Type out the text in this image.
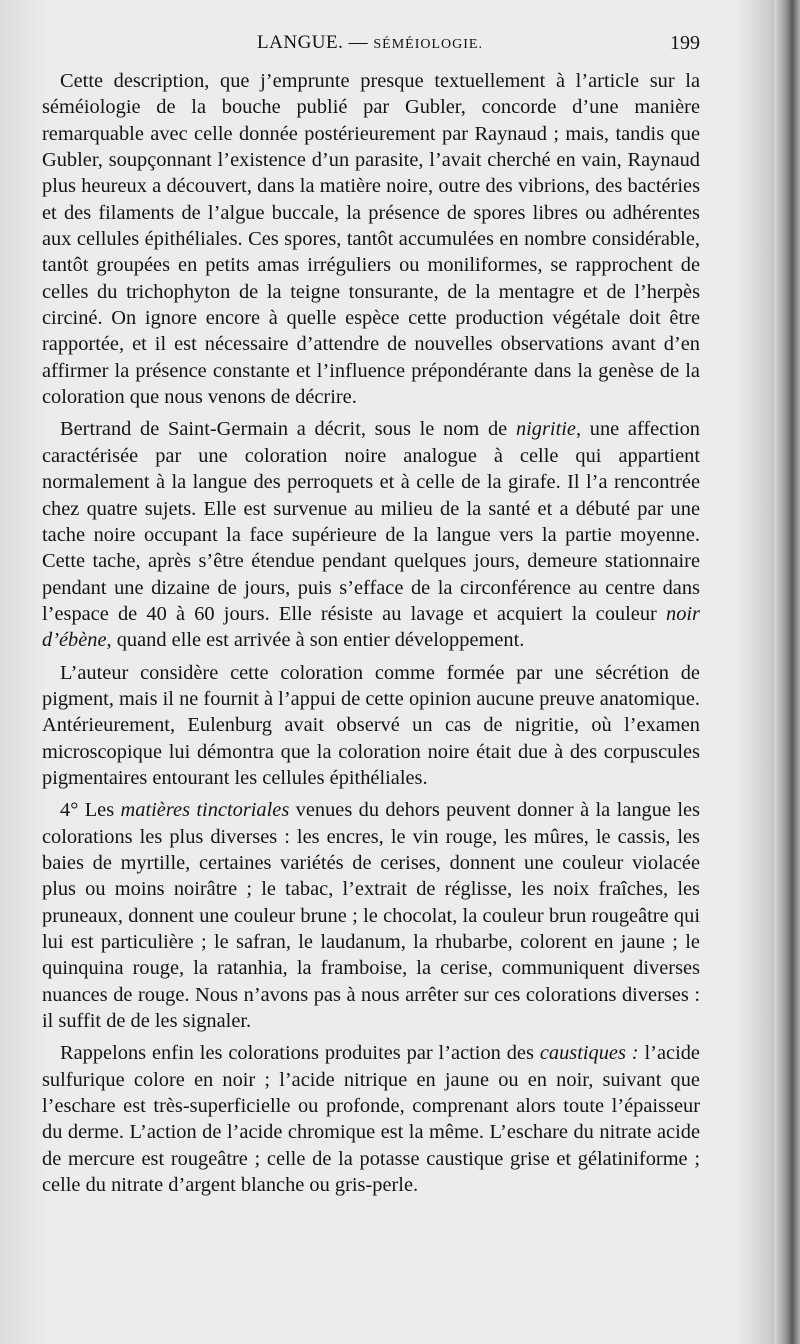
LANGUE. — SÉMÉIOLOGIE.	199

Cette description, que j’emprunte presque textuellement à l’article sur la séméiologie de la bouche publié par Gubler, concorde d’une manière remarquable avec celle donnée postérieurement par Raynaud ; mais, tandis que Gubler, soupçonnant l’existence d’un parasite, l’avait cherché en vain, Raynaud plus heureux a découvert, dans la matière noire, outre des vibrions, des bactéries et des filaments de l’algue buccale, la présence de spores libres ou adhérentes aux cellules épithéliales. Ces spores, tantôt accumulées en nombre considérable, tantôt groupées en petits amas irréguliers ou moniliformes, se rapprochent de celles du trichophyton de la teigne tonsurante, de la mentagre et de l’herpès circiné. On ignore encore à quelle espèce cette production végétale doit être rapportée, et il est nécessaire d’attendre de nouvelles observations avant d’en affirmer la présence constante et l’influence prépondérante dans la genèse de la coloration que nous venons de décrire.

Bertrand de Saint-Germain a décrit, sous le nom de nigritie, une affection caractérisée par une coloration noire analogue à celle qui appartient normalement à la langue des perroquets et à celle de la girafe. Il l’a rencontrée chez quatre sujets. Elle est survenue au milieu de la santé et a débuté par une tache noire occupant la face supérieure de la langue vers la partie moyenne. Cette tache, après s’être étendue pendant quelques jours, demeure stationnaire pendant une dizaine de jours, puis s’efface de la circonférence au centre dans l’espace de 40 à 60 jours. Elle résiste au lavage et acquiert la couleur noir d’ébène, quand elle est arrivée à son entier développement.

L’auteur considère cette coloration comme formée par une sécrétion de pigment, mais il ne fournit à l’appui de cette opinion aucune preuve anatomique. Antérieurement, Eulenburg avait observé un cas de nigritie, où l’examen microscopique lui démontra que la coloration noire était due à des corpuscules pigmentaires entourant les cellules épithéliales.

4° Les matières tinctoriales venues du dehors peuvent donner à la langue les colorations les plus diverses : les encres, le vin rouge, les mûres, le cassis, les baies de myrtille, certaines variétés de cerises, donnent une couleur violacée plus ou moins noirâtre ; le tabac, l’extrait de réglisse, les noix fraîches, les pruneaux, donnent une couleur brune ; le chocolat, la couleur brun rougeâtre qui lui est particulière ; le safran, le laudanum, la rhubarbe, colorent en jaune ; le quinquina rouge, la ratanhia, la framboise, la cerise, communiquent diverses nuances de rouge. Nous n’avons pas à nous arrêter sur ces colorations diverses : il suffit de de les signaler.

Rappelons enfin les colorations produites par l’action des caustiques : l’acide sulfurique colore en noir ; l’acide nitrique en jaune ou en noir, suivant que l’eschare est très-superficielle ou profonde, comprenant alors toute l’épaisseur du derme. L’action de l’acide chromique est la même. L’eschare du nitrate acide de mercure est rougeâtre ; celle de la potasse caustique grise et gélatiniforme ; celle du nitrate d’argent blanche ou gris-perle.
